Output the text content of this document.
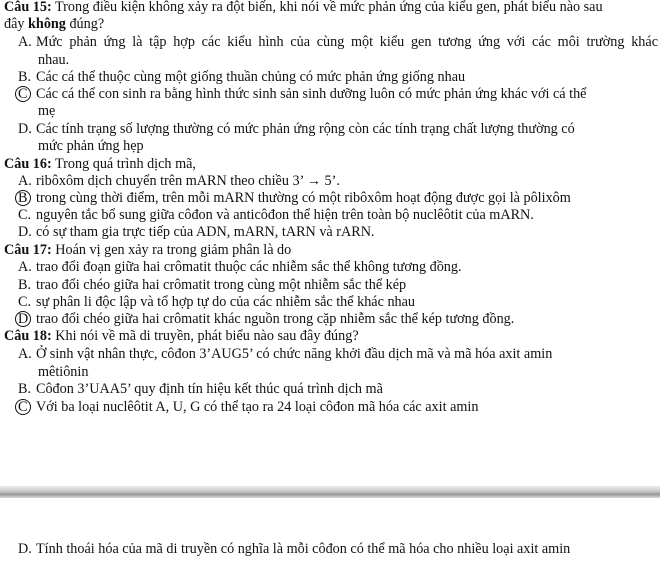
Câu 15: Trong điều kiện không xảy ra đột biến, khi nói về mức phản ứng của kiểu gen, phát biểu nào sau
đây không đúng?
A. Mức phản ứng là tập hợp các kiểu hình của cùng một kiểu gen tương ứng với các môi trường khác
nhau.
B. Các cá thể thuộc cùng một giống thuần chủng có mức phản ứng giống nhau
C Các cá thể con sinh ra bằng hình thức sinh sản sinh dưỡng luôn có mức phản ứng khác với cá thể
mẹ
D. Các tính trạng số lượng thường có mức phản ứng rộng còn các tính trạng chất lượng thường có
mức phản ứng hẹp
Câu 16: Trong quá trình dịch mã,
A. ribôxôm dịch chuyển trên mARN theo chiều 3’ → 5’.
B trong cùng thời điểm, trên mỗi mARN thường có một ribôxôm hoạt động được gọi là pôlixôm
C. nguyên tắc bổ sung giữa côđon và anticôđon thể hiện trên toàn bộ nuclêôtit của mARN.
D. có sự tham gia trực tiếp của ADN, mARN, tARN và rARN.
Câu 17: Hoán vị gen xảy ra trong giảm phân là do
A. trao đổi đoạn giữa hai crômatit thuộc các nhiễm sắc thể không tương đồng.
B. trao đổi chéo giữa hai crômatit trong cùng một nhiễm sắc thể kép
C. sự phân li độc lập và tổ hợp tự do của các nhiễm sắc thể khác nhau
D trao đổi chéo giữa hai crômatit khác nguồn trong cặp nhiễm sắc thể kép tương đồng.
Câu 18: Khi nói về mã di truyền, phát biểu nào sau đây đúng?
A. Ở sinh vật nhân thực, côđon 3’AUG5’ có chức năng khởi đầu dịch mã và mã hóa axit amin
mêtiônin
B. Côđon 3’UAA5’ quy định tín hiệu kết thúc quá trình dịch mã
C Với ba loại nuclêôtit A, U, G có thể tạo ra 24 loại côđon mã hóa các axit amin
D. Tính thoái hóa của mã di truyền có nghĩa là mỗi côđon có thể mã hóa cho nhiều loại axit amin
